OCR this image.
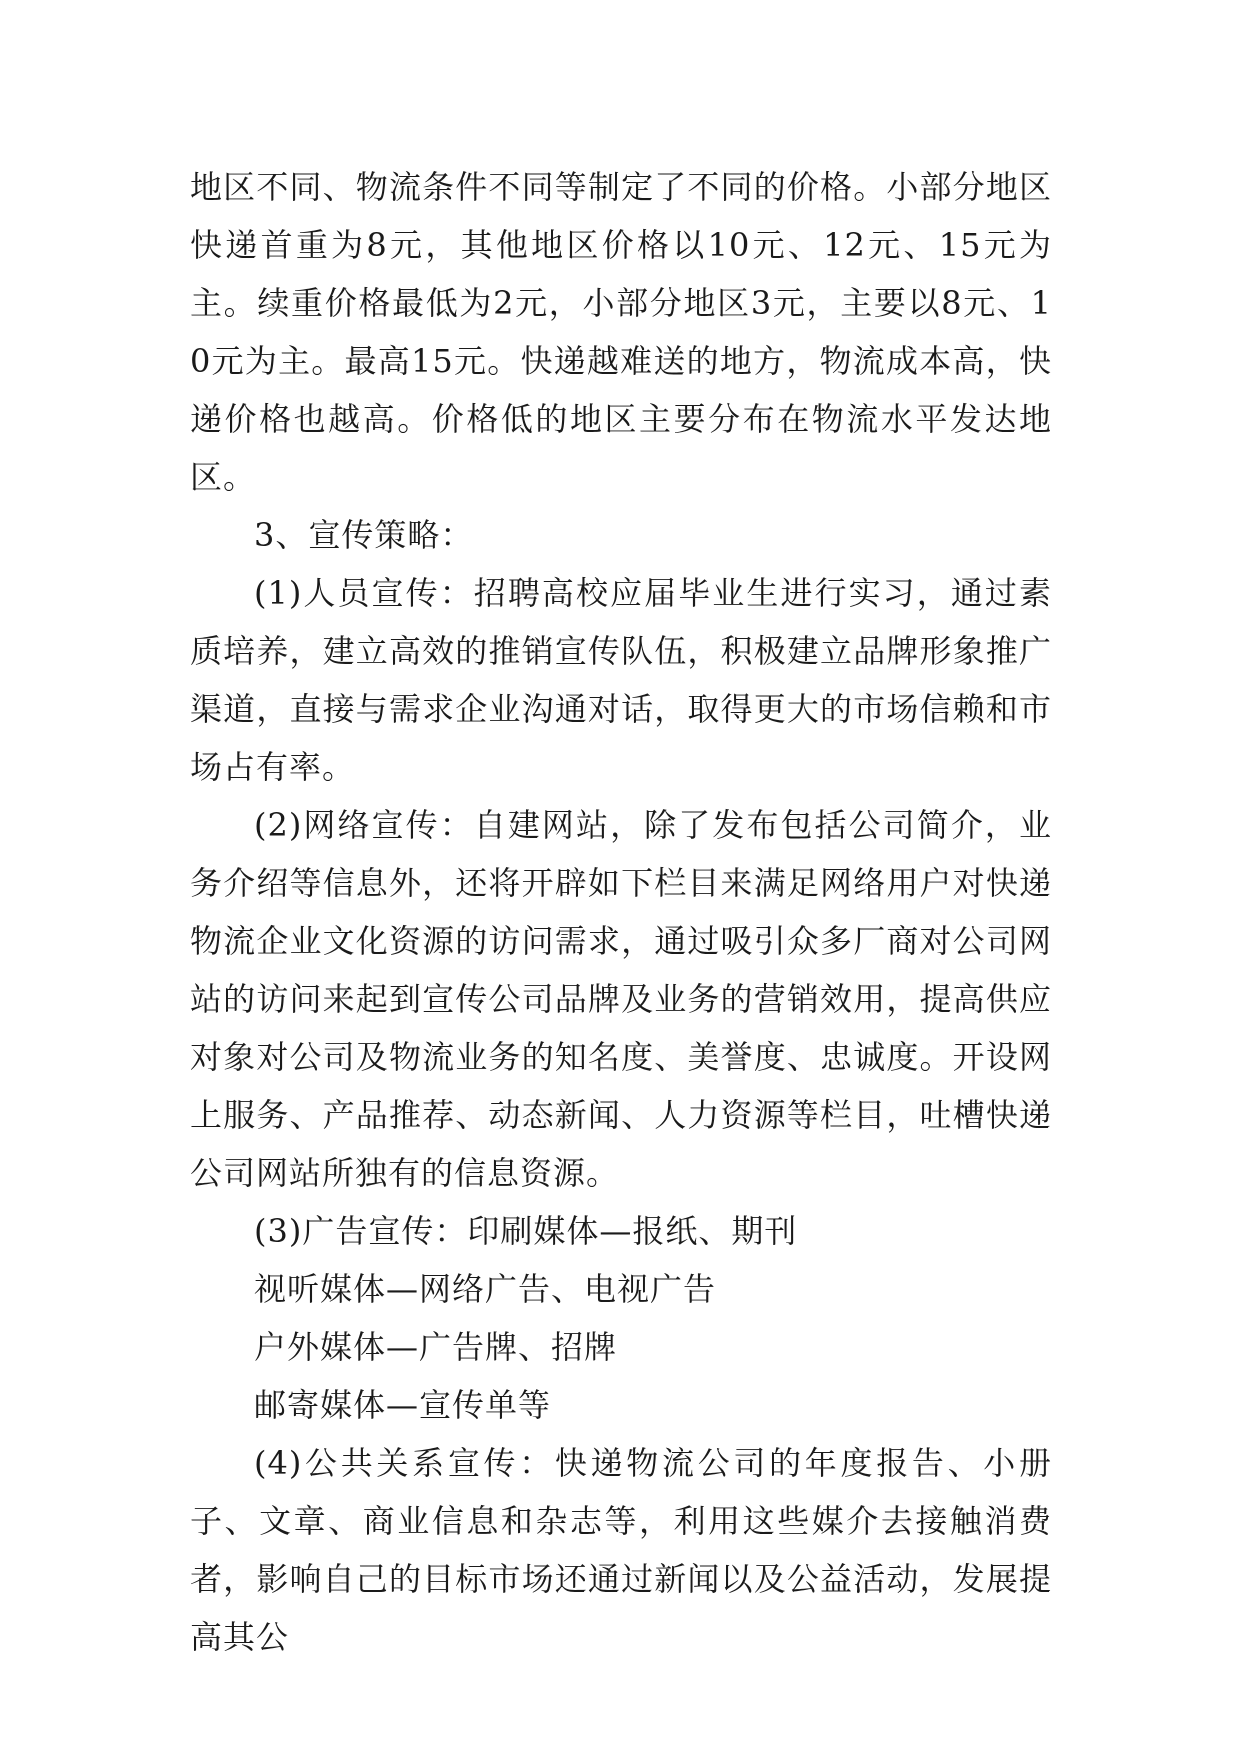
地区不同、物流条件不同等制定了不同的价格。小部分地区快递首重为8元，其他地区价格以10元、12元、15元为主。续重价格最低为2元，小部分地区3元，主要以8元、10元为主。最高15元。快递越难送的地方，物流成本高，快递价格也越高。价格低的地区主要分布在物流水平发达地区。

3、宣传策略：

(1)人员宣传：招聘高校应届毕业生进行实习，通过素质培养，建立高效的推销宣传队伍，积极建立品牌形象推广渠道，直接与需求企业沟通对话，取得更大的市场信赖和市场占有率。

(2)网络宣传：自建网站，除了发布包括公司简介，业务介绍等信息外，还将开辟如下栏目来满足网络用户对快递物流企业文化资源的访问需求，通过吸引众多厂商对公司网站的访问来起到宣传公司品牌及业务的营销效用，提高供应对象对公司及物流业务的知名度、美誉度、忠诚度。开设网上服务、产品推荐、动态新闻、人力资源等栏目，吐槽快递公司网站所独有的信息资源。

(3)广告宣传：印刷媒体—报纸、期刊

视听媒体—网络广告、电视广告

户外媒体—广告牌、招牌

邮寄媒体—宣传单等

(4)公共关系宣传：快递物流公司的年度报告、小册子、文章、商业信息和杂志等，利用这些媒介去接触消费者，影响自己的目标市场还通过新闻以及公益活动，发展提高其公
